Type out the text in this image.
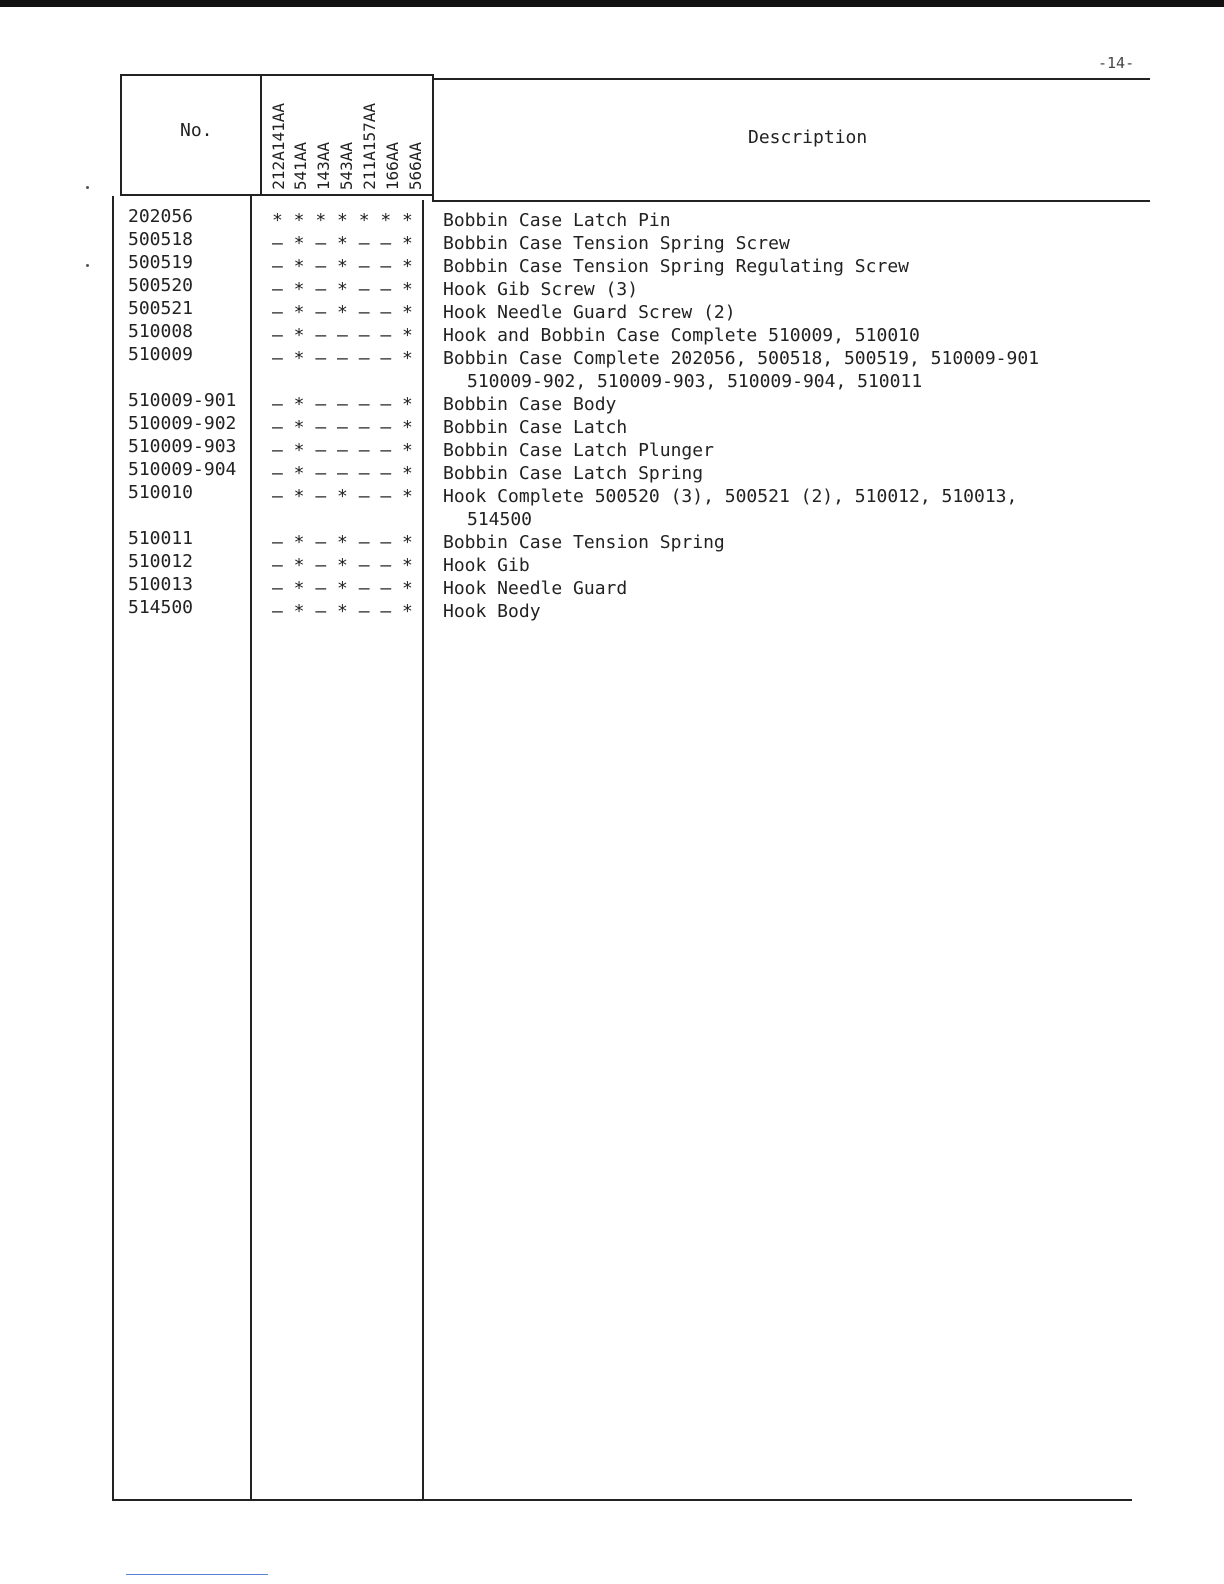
-14-
No.	Description
212A141AA 541AA 143AA 543AA 211A157AA 166AA 566AA
202056
500518
500519
500520
500521
510008
510009
510009-901
510009-902
510009-903
510009-904
510010
510011
510012
510013
514500
* * * * * * *
– * – * – – *
– * – * – – *
– * – * – – *
– * – * – – *
– * – – – – *
– * – – – – *
– * – – – – *
– * – – – – *
– * – – – – *
– * – – – – *
– * – * – – *
– * – * – – *
– * – * – – *
– * – * – – *
– * – * – – *
Bobbin Case Latch Pin
Bobbin Case Tension Spring Screw
Bobbin Case Tension Spring Regulating Screw
Hook Gib Screw (3)
Hook Needle Guard Screw (2)
Hook and Bobbin Case Complete 510009, 510010
Bobbin Case Complete 202056, 500518, 500519, 510009-901
510009-902, 510009-903, 510009-904, 510011
Bobbin Case Body
Bobbin Case Latch
Bobbin Case Latch Plunger
Bobbin Case Latch Spring
Hook Complete 500520 (3), 500521 (2), 510012, 510013,
514500
Bobbin Case Tension Spring
Hook Gib
Hook Needle Guard
Hook Body
